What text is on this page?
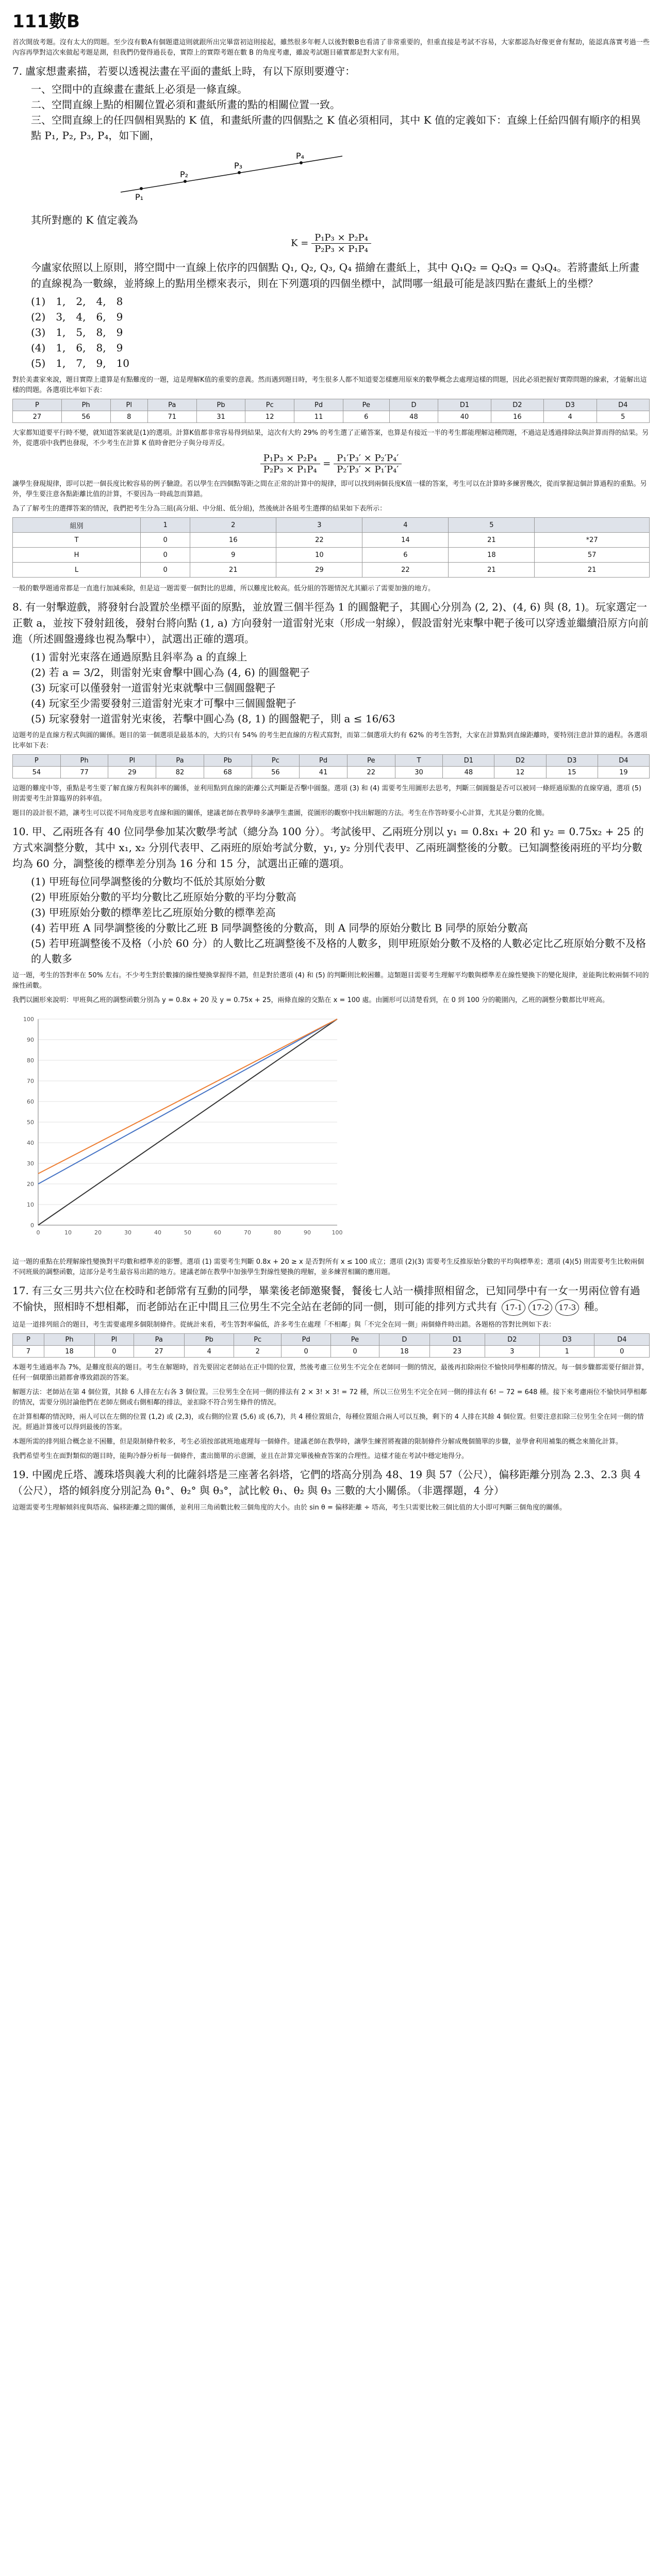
111數B

首次開放考題。沒有太大的問題。至少沒有數A有個題還這則就跟所出完畢當初這則接起，雖然很多年輕人以後對數B也看清了非常重要的，但重直接是考試不容易，大家都認為好像更會有幫助，能認真落實考過一些內容再學對這次來做起考題是測，但我們仍覺得過長卷，實際上的實際考題在數 B 的角度考慮，雖說考試題目確實都是對大家有用。

7. 盧家想畫素描，若要以透視法畫在平面的畫紙上時，有以下原則要遵守：
一、空間中的直線畫在畫紙上必須是一條直線。
二、空間直線上點的相關位置必須和畫紙所畫的點的相關位置一致。
三、空間直線上的任四個相異點的 K 值，和畫紙所畫的四個點之 K 值必須相同，其中 K 值的定義如下：直線上任給四個有順序的相異點 P₁, P₂, P₃, P₄，如下圖，
P₁
P₂
P₃
P₄
其所對應的 K 值定義為
$K = \frac{\text{P₁P₃ × P₂P₄}}{\text{P₂P₃ × P₁P₄}}$
今盧家依照以上原則，將空間中一直線上依序的四個點 Q₁, Q₂, Q₃, Q₄ 描繪在畫紙上，其中 Q₁Q₂ = Q₂Q₃ = Q₃Q₄。若將畫紙上所畫的直線視為一數線，並將線上的點用坐標來表示，則在下列選項的四個坐標中，試問哪一組最可能是該四點在畫紙上的坐標？
(1)　1,　2,　4,　8
(2)　3,　4,　6,　9
(3)　1,　5,　8,　9
(4)　1,　6,　8,　9
(5)　1,　7,　9,　10

對於美畫家來說，題目實際上還算是有點難度的一題，這是理解K值的重要的意義。然而遇到題目時，考生很多人都不知道要怎樣應用原來的數學概念去處理這樣的問題，因此必須把握好實際問題的線索，才能解出這樣的問題。各選項比率如下表：

P	Ph	Pl	Pa	Pb	Pc	Pd	Pe	D	D1	D2	D3	D4
27	56	8	71	31	12	11	6	48	40	16	4	5

大家都知道要平行時不變，就知道答案就是(1)的選項。計算K值都非常容易得到結果，這次有大約 29% 的考生選了正確答案，也算是有接近一半的考生都能理解這種問題，不過這是透過排除法與計算而得的結果。另外，從選項中我們也發現，不少考生在計算 K 值時會把分子與分母弄反。

$\frac{\text{P₁P₃ × P₂P₄}}{\text{P₂P₃ × P₁P₄}} = \frac{\text{P₁′P₃′ × P₂′P₄′}}{\text{P₂′P₃′ × P₁′P₄′}}$

讓學生發現規律，即可以把一個長度比較容易的例子驗證。若以學生在四個點等距之間在正常的計算中的規律，即可以找到兩個長度K值一樣的答案，考生可以在計算時多練習幾次，從而掌握這個計算過程的重點。另外，學生要注意各點距離比值的計算，不要因為一時疏忽而算錯。

為了了解考生的選擇答案的情況，我們把考生分為三組(高分組、中分組、低分組)，然後統計各組考生選擇的結果如下表所示：

組別	1	2	3	4	5	
T	0	16	22	14	21	*27
H	0	9	10	6	18	57
L	0	21	29	22	21	21

一般的數學題通常都是一直進行加減乘除，但是這一題需要一個對比的思維，所以難度比較高。低分組的答題情況尤其顯示了需要加強的地方。

8. 有一射擊遊戲，將發射台設置於坐標平面的原點，並放置三個半徑為 1 的圓盤靶子，其圓心分別為 (2, 2)、(4, 6) 與 (8, 1)。玩家選定一正數 a，並按下發射鈕後，發射台將向點 (1, a) 方向發射一道雷射光束（形成一射線），假設雷射光束擊中靶子後可以穿透並繼續沿原方向前進（所述圓盤邊緣也視為擊中），試選出正確的選項。
(1) 雷射光束落在通過原點且斜率為 a 的直線上
(2) 若 a = 3/2，則雷射光束會擊中圓心為 (4, 6) 的圓盤靶子
(3) 玩家可以僅發射一道雷射光束就擊中三個圓盤靶子
(4) 玩家至少需要發射三道雷射光束才可擊中三個圓盤靶子
(5) 玩家發射一道雷射光束後，若擊中圓心為 (8, 1) 的圓盤靶子，則 a ≤ 16/63

這題考的是直線方程式與圓的關係。題目的第一個選項是最基本的，大約只有 54% 的考生把直線的方程式寫對，而第二個選項大約有 62% 的考生答對，大家在計算點到直線距離時，要特別注意計算的過程。各選項比率如下表：

P	Ph	Pl	Pa	Pb	Pc	Pd	Pe	T	D1	D2	D3	D4
54	77	29	82	68	56	41	22	30	48	12	15	19

這題的難度中等，重點是考生要了解直線方程與斜率的關係，並利用點到直線的距離公式判斷是否擊中圓盤。選項 (3) 和 (4) 需要考生用圖形去思考，判斷三個圓盤是否可以被同一條經過原點的直線穿過，選項 (5) 則需要考生計算臨界的斜率值。

題目的設計很不錯，讓考生可以從不同角度思考直線和圓的關係，建議老師在教學時多讓學生畫圖，從圖形的觀察中找出解題的方法。考生在作答時要小心計算，尤其是分數的化簡。

10. 甲、乙兩班各有 40 位同學參加某次數學考試（總分為 100 分）。考試後甲、乙兩班分別以 y₁ = 0.8x₁ + 20 和 y₂ = 0.75x₂ + 25 的方式來調整分數，其中 x₁, x₂ 分別代表甲、乙兩班的原始考試分數，y₁, y₂ 分別代表甲、乙兩班調整後的分數。已知調整後兩班的平均分數均為 60 分，調整後的標準差分別為 16 分和 15 分，試選出正確的選項。
(1) 甲班每位同學調整後的分數均不低於其原始分數
(2) 甲班原始分數的平均分數比乙班原始分數的平均分數高
(3) 甲班原始分數的標準差比乙班原始分數的標準差高
(4) 若甲班 A 同學調整後的分數比乙班 B 同學調整後的分數高，則 A 同學的原始分數比 B 同學的原始分數高
(5) 若甲班調整後不及格（小於 60 分）的人數比乙班調整後不及格的人數多，則甲班原始分數不及格的人數必定比乙班原始分數不及格的人數多

這一題，考生的答對率在 50% 左右。不少考生對於數據的線性變換掌握得不錯，但是對於選項 (4) 和 (5) 的判斷則比較困難。這類題目需要考生理解平均數與標準差在線性變換下的變化規律，並能夠比較兩個不同的線性函數。

我們以圖形來說明：甲班與乙班的調整函數分別為 y = 0.8x + 20 及 y = 0.75x + 25，兩條直線的交點在 x = 100 處。由圖形可以清楚看到，在 0 到 100 分的範圍內，乙班的調整分數都比甲班高。

0
10
20
30
40
50
60
70
80
90
100
0	10	20	30	40	50	60	70	80	90	100

這一題的重點在於理解線性變換對平均數和標準差的影響。選項 (1) 需要考生判斷 0.8x + 20 ≥ x 是否對所有 x ≤ 100 成立；選項 (2)(3) 需要考生反推原始分數的平均與標準差；選項 (4)(5) 則需要考生比較兩個不同班級的調整函數，這部分是考生最容易出錯的地方。建議老師在教學中加強學生對線性變換的理解，並多練習相關的應用題。

17. 有三女三男共六位在校時和老師常有互動的同學，畢業後老師邀聚餐，餐後七人站一橫排照相留念，已知同學中有一女一男兩位曾有過不愉快，照相時不想相鄰，而老師站在正中間且三位男生不完全站在老師的同一側，則可能的排列方式共有 17-1 17-2 17-3 種。

這是一道排列組合的題目，考生需要處理多個限制條件。從統計來看，考生答對率偏低，許多考生在處理「不相鄰」與「不完全在同一側」兩個條件時出錯。各題格的答對比例如下表：

P	Ph	Pl	Pa	Pb	Pc	Pd	Pe	D	D1	D2	D3	D4
7	18	0	27	4	2	0	0	18	23	3	1	0

本題考生通過率為 7%，是難度很高的題目。考生在解題時，首先要固定老師站在正中間的位置，然後考慮三位男生不完全在老師同一側的情況，最後再扣除兩位不愉快同學相鄰的情況。每一個步驟都需要仔細計算，任何一個環節出錯都會導致錯誤的答案。

解題方法：老師站在第 4 個位置，其餘 6 人排在左右各 3 個位置。三位男生全在同一側的排法有 2 × 3! × 3! = 72 種，所以三位男生不完全在同一側的排法有 6! − 72 = 648 種。接下來考慮兩位不愉快同學相鄰的情況，需要分別討論他們在老師左側或右側相鄰的排法，並扣除不符合男生條件的情況。

在計算相鄰的情況時，兩人可以在左側的位置 (1,2) 或 (2,3)，或右側的位置 (5,6) 或 (6,7)，共 4 種位置組合，每種位置組合兩人可以互換，剩下的 4 人排在其餘 4 個位置。但要注意扣除三位男生全在同一側的情況。經過計算後可以得到最後的答案。

本題所需的排列組合概念並不困難，但是限制條件較多，考生必須按部就班地處理每一個條件。建議老師在教學時，讓學生練習將複雜的限制條件分解成幾個簡單的步驟，並學會利用補集的概念來簡化計算。

我們希望考生在面對類似的題目時，能夠冷靜分析每一個條件，畫出簡單的示意圖，並且在計算完畢後檢查答案的合理性。這樣才能在考試中穩定地得分。

19. 中國虎丘塔、護珠塔與義大利的比薩斜塔是三座著名斜塔，它們的塔高分別為 48、19 與 57（公尺），偏移距離分別為 2.3、2.3 與 4（公尺），塔的傾斜度分別記為 θ₁°、θ₂° 與 θ₃°，試比較 θ₁、θ₂ 與 θ₃ 三數的大小關係。（非選擇題，4 分）

這題需要考生理解傾斜度與塔高、偏移距離之間的關係，並利用三角函數比較三個角度的大小。由於 sin θ = 偏移距離 ÷ 塔高，考生只需要比較三個比值的大小即可判斷三個角度的關係。
